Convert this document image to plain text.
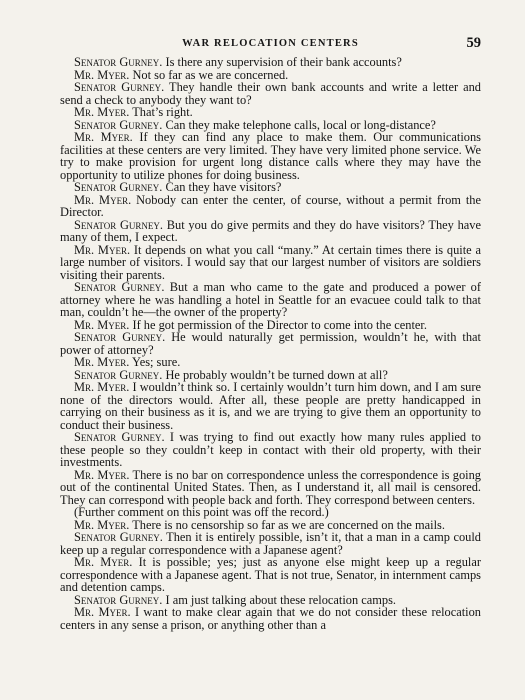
WAR RELOCATION CENTERS	59

Senator Gurney. Is there any supervision of their bank accounts?

Mr. Myer. Not so far as we are concerned.

Senator Gurney. They handle their own bank accounts and write a letter and send a check to anybody they want to?

Mr. Myer. That’s right.

Senator Gurney. Can they make telephone calls, local or long-distance?

Mr. Myer. If they can find any place to make them. Our communications facilities at these centers are very limited. They have very limited phone service. We try to make provision for urgent long distance calls where they may have the opportunity to utilize phones for doing business.

Senator Gurney. Can they have visitors?

Mr. Myer. Nobody can enter the center, of course, without a permit from the Director.

Senator Gurney. But you do give permits and they do have visitors? They have many of them, I expect.

Mr. Myer. It depends on what you call “many.” At certain times there is quite a large number of visitors. I would say that our largest number of visitors are soldiers visiting their parents.

Senator Gurney. But a man who came to the gate and produced a power of attorney where he was handling a hotel in Seattle for an evacuee could talk to that man, couldn’t he—the owner of the property?

Mr. Myer. If he got permission of the Director to come into the center.

Senator Gurney. He would naturally get permission, wouldn’t he, with that power of attorney?

Mr. Myer. Yes; sure.

Senator Gurney. He probably wouldn’t be turned down at all?

Mr. Myer. I wouldn’t think so. I certainly wouldn’t turn him down, and I am sure none of the directors would. After all, these people are pretty handicapped in carrying on their business as it is, and we are trying to give them an opportunity to conduct their business.

Senator Gurney. I was trying to find out exactly how many rules applied to these people so they couldn’t keep in contact with their old property, with their investments.

Mr. Myer. There is no bar on correspondence unless the correspondence is going out of the continental United States. Then, as I understand it, all mail is censored. They can correspond with people back and forth. They correspond between centers.

(Further comment on this point was off the record.)

Mr. Myer. There is no censorship so far as we are concerned on the mails.

Senator Gurney. Then it is entirely possible, isn’t it, that a man in a camp could keep up a regular correspondence with a Japanese agent?

Mr. Myer. It is possible; yes; just as anyone else might keep up a regular correspondence with a Japanese agent. That is not true, Senator, in internment camps and detention camps.

Senator Gurney. I am just talking about these relocation camps.

Mr. Myer. I want to make clear again that we do not consider these relocation centers in any sense a prison, or anything other than a
